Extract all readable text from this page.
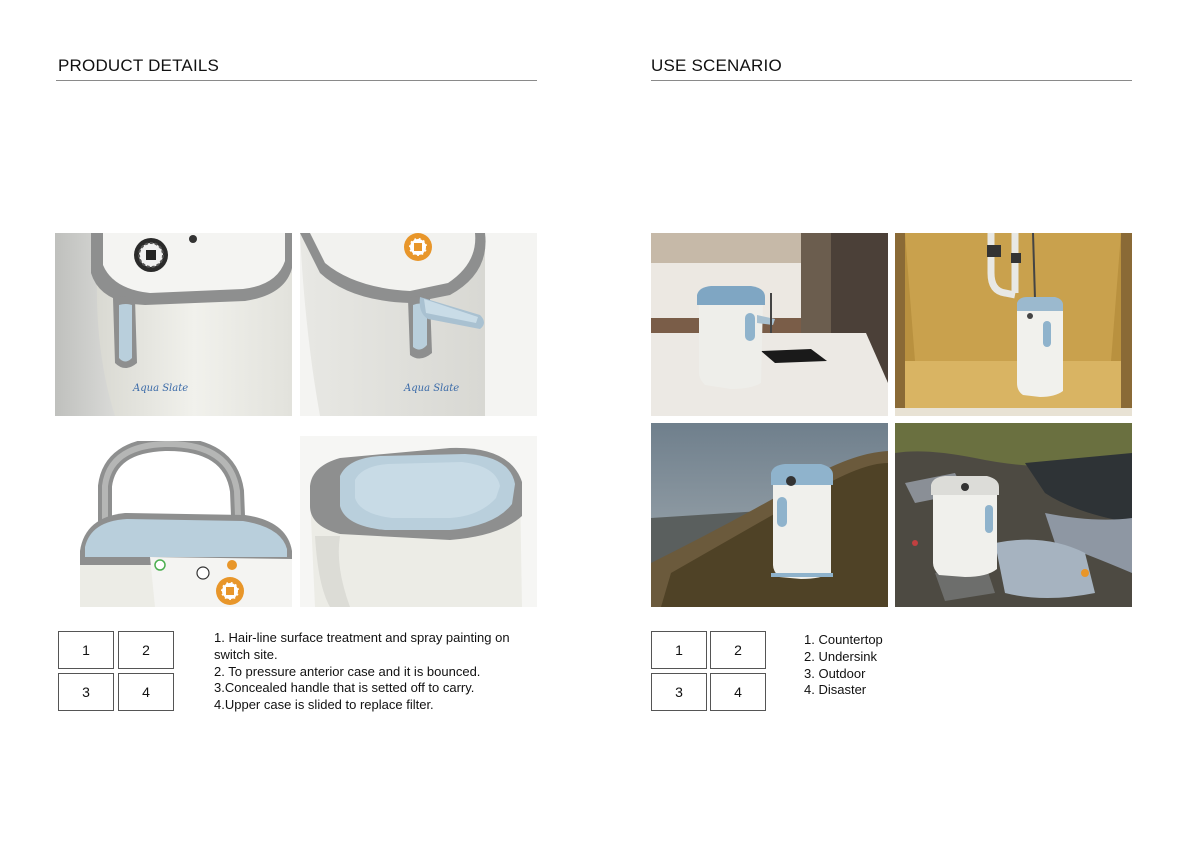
PRODUCT DETAILS
Aqua Slate	Aqua Slate
1	2
3	4
1. Hair-line surface treatment and spray painting on switch site.
2. To pressure anterior case and it is bounced.
3.Concealed handle that is setted off to carry.
4.Upper case is slided to replace filter.
USE SCENARIO
1	2
3	4
1. Countertop
2. Undersink
3. Outdoor
4. Disaster
